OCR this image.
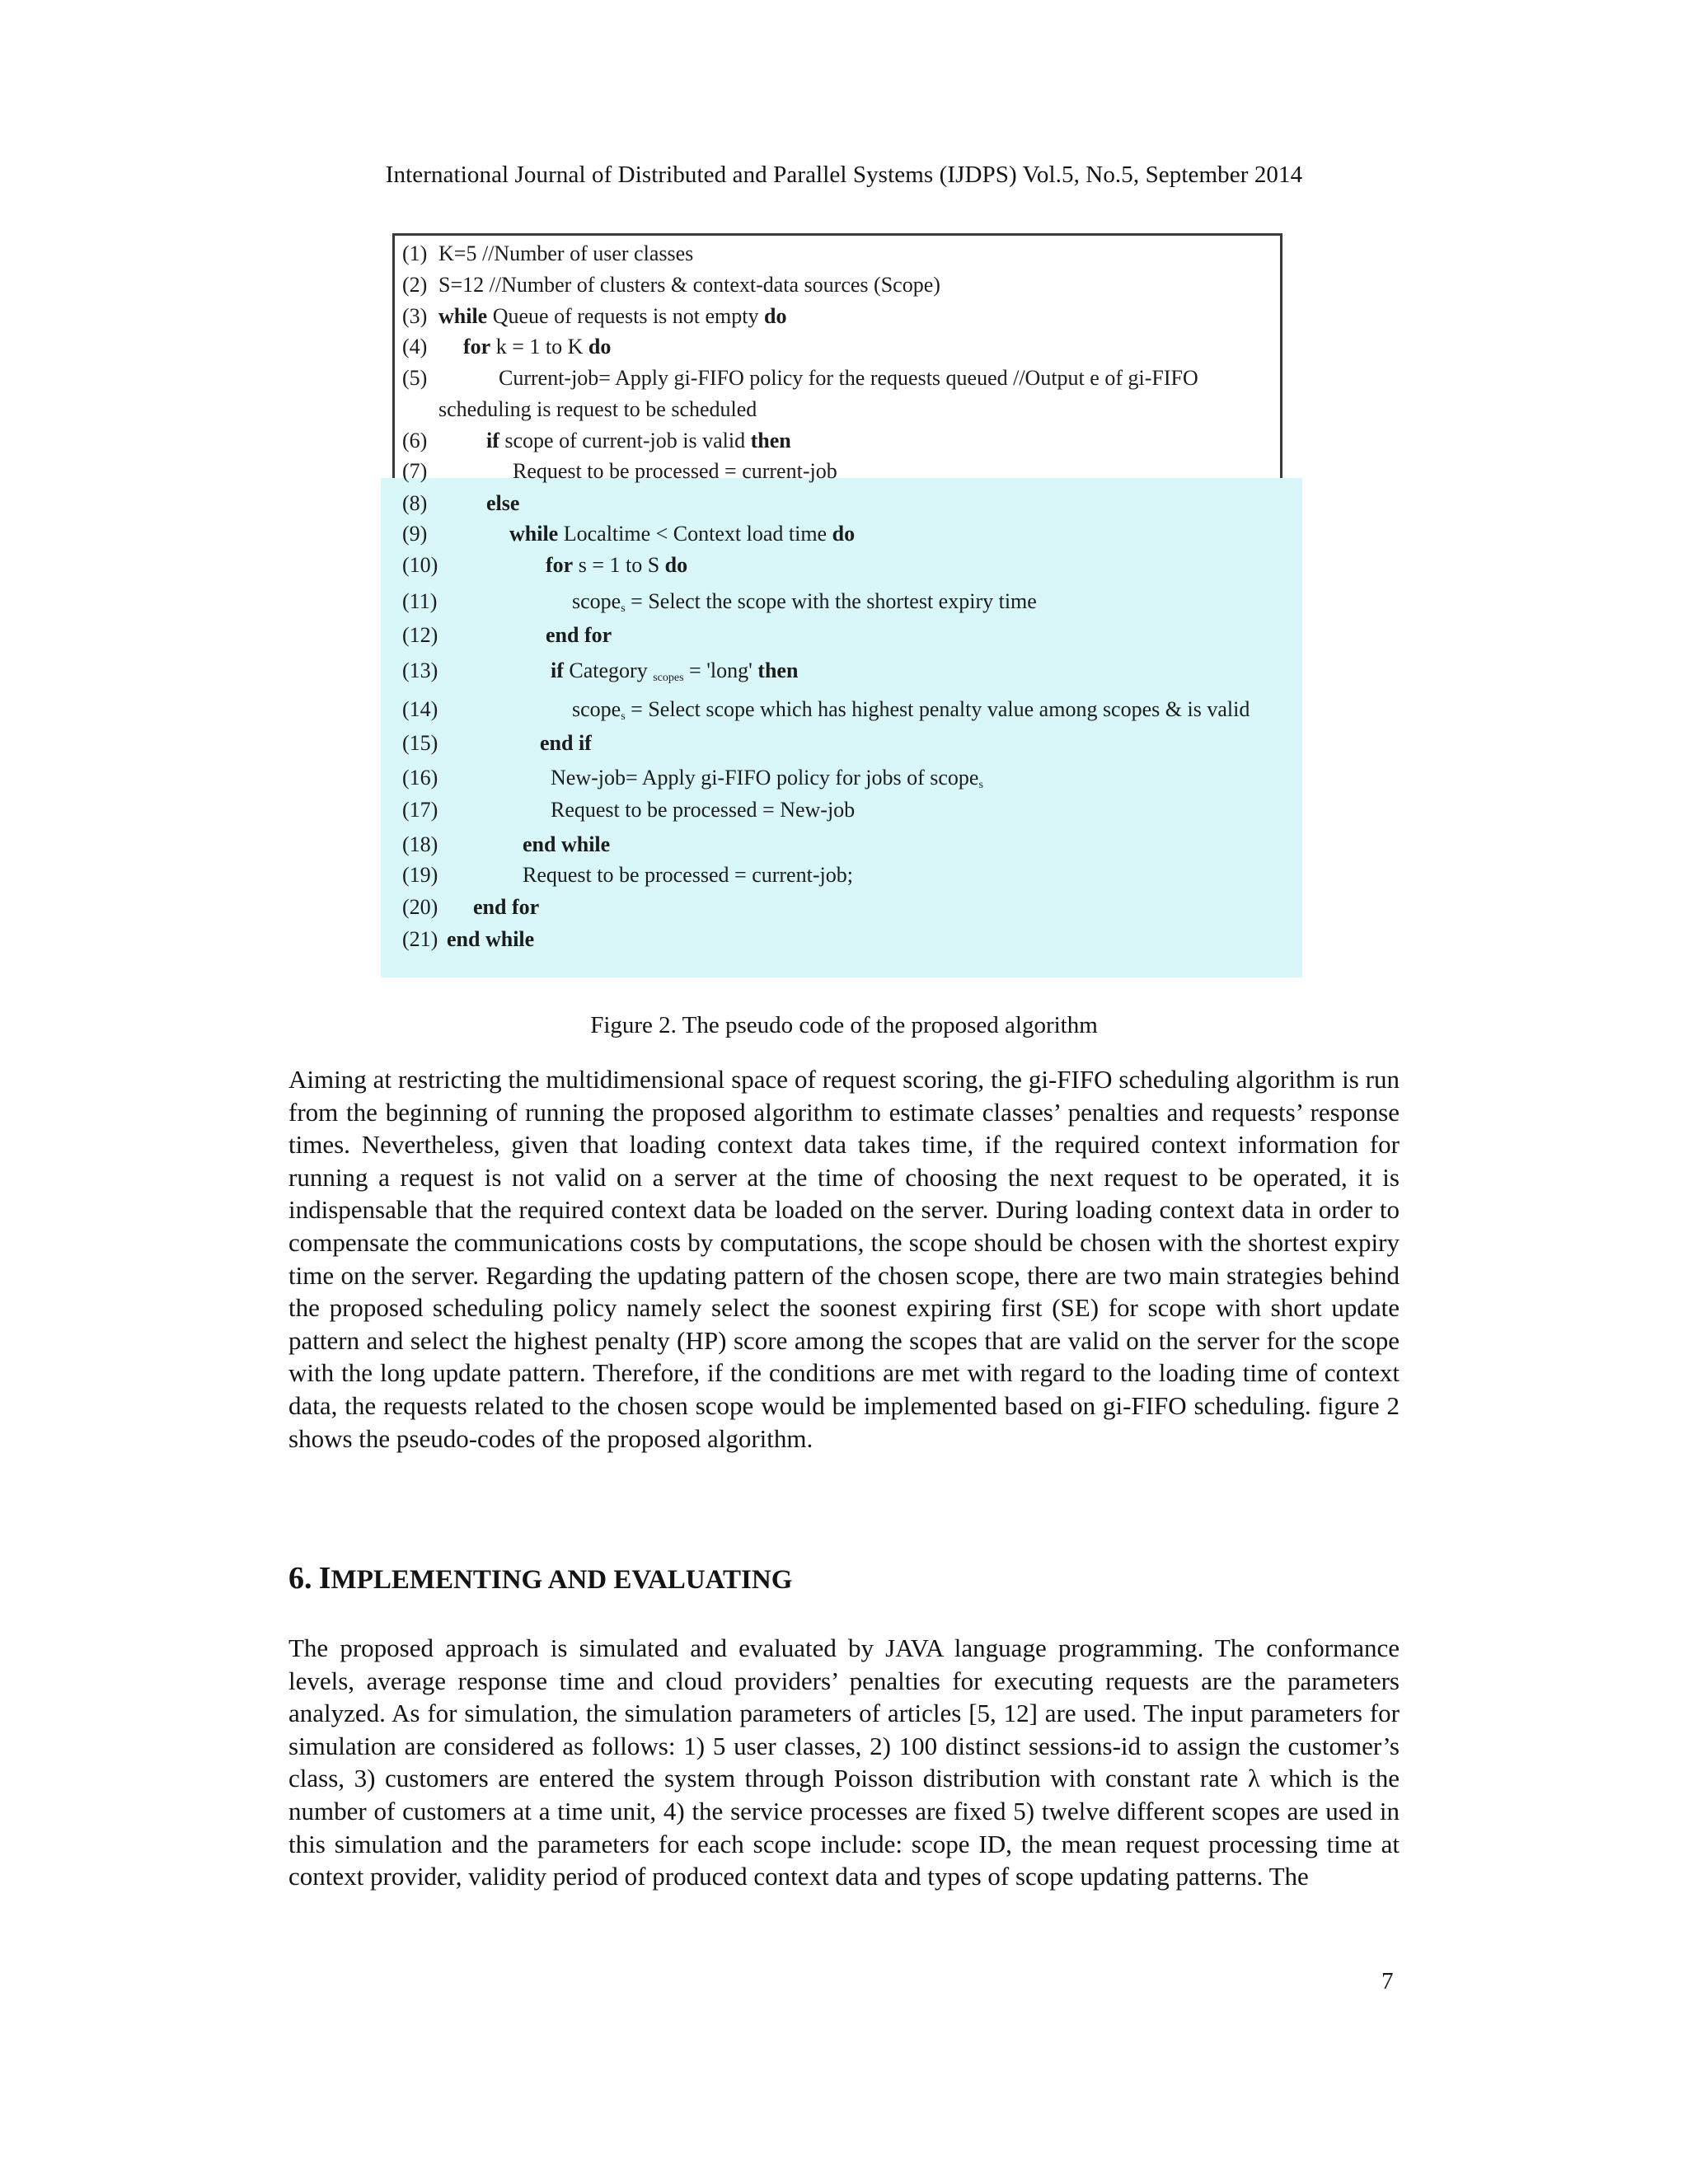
International Journal of Distributed and Parallel Systems (IJDPS) Vol.5, No.5, September 2014
(1) K=5 //Number of user classes
(2) S=12 //Number of clusters & context-data sources (Scope)
(3) while Queue of requests is not empty do
(4) for k = 1 to K do
(5)	Current-job= Apply gi-FIFO policy for the requests queued //Output e of gi-FIFO
scheduling is request to be scheduled
(6)	if scope of current-job is valid then
(7)	Request to be processed = current-job
(8)	else
(9)	while Localtime < Context load time do
(10)	for s = 1 to S do
(11)	scope$_s$ = Select the scope with the shortest expiry time
(12)	end for
(13)	if Category $_{scopes}$ = 'long' then
(14)	scope$_s$ = Select scope which has highest penalty value among scopes & is valid
(15)	end if
(16)	New-job= Apply gi-FIFO policy for jobs of scope$_s$
(17)	Request to be processed = New-job
(18)	end while
(19)	Request to be processed = current-job;
(20) end for
(21) end while
Figure 2. The pseudo code of the proposed algorithm

Aiming at restricting the multidimensional space of request scoring, the gi-FIFO scheduling algorithm is run from the beginning of running the proposed algorithm to estimate classes’ penalties and requests’ response times. Nevertheless, given that loading context data takes time, if the required context information for running a request is not valid on a server at the time of choosing the next request to be operated, it is indispensable that the required context data be loaded on the server. During loading context data in order to compensate the communications costs by computations, the scope should be chosen with the shortest expiry time on the server. Regarding the updating pattern of the chosen scope, there are two main strategies behind the proposed scheduling policy namely select the soonest expiring first (SE) for scope with short update pattern and select the highest penalty (HP) score among the scopes that are valid on the server for the scope with the long update pattern. Therefore, if the conditions are met with regard to the loading time of context data, the requests related to the chosen scope would be implemented based on gi-FIFO scheduling. figure 2 shows the pseudo-codes of the proposed algorithm.

6. IMPLEMENTING AND EVALUATING

The proposed approach is simulated and evaluated by JAVA language programming. The conformance levels, average response time and cloud providers’ penalties for executing requests are the parameters analyzed. As for simulation, the simulation parameters of articles [5, 12] are used. The input parameters for simulation are considered as follows: 1) 5 user classes, 2) 100 distinct sessions-id to assign the customer’s class, 3) customers are entered the system through Poisson distribution with constant rate λ which is the number of customers at a time unit, 4) the service processes are fixed 5) twelve different scopes are used in this simulation and the parameters for each scope include: scope ID, the mean request processing time at context provider, validity period of produced context data and types of scope updating patterns. The

7
